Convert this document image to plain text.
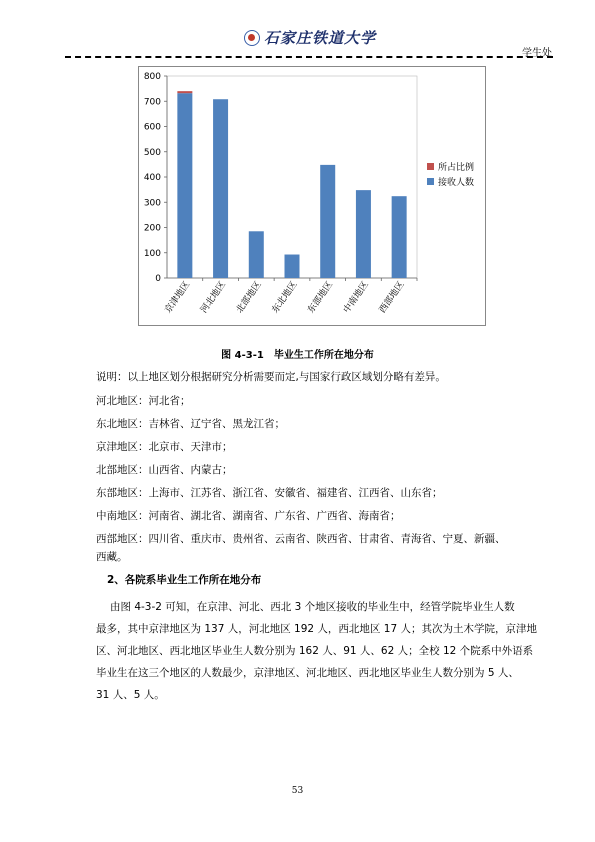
石家庄铁道大学
学生处
0
100
200
300
400
500
600
700
800
京津地区 河北地区 北部地区 东北地区 东部地区 中南地区 西部地区
所占比例
接收人数
图 4-3-1　毕业生工作所在地分布
说明：以上地区划分根据研究分析需要而定,与国家行政区域划分略有差异。
河北地区：河北省；
东北地区：吉林省、辽宁省、黑龙江省；
京津地区：北京市、天津市；
北部地区：山西省、内蒙古；
东部地区：上海市、江苏省、浙江省、安徽省、福建省、江西省、山东省；
中南地区：河南省、湖北省、湖南省、广东省、广西省、海南省；
西部地区：四川省、重庆市、贵州省、云南省、陕西省、甘肃省、青海省、宁夏、新疆、
西藏。
2、各院系毕业生工作所在地分布
由图 4-3-2 可知，在京津、河北、西北 3 个地区接收的毕业生中，经管学院毕业生人数
最多，其中京津地区为 137 人，河北地区 192 人，西北地区 17 人；其次为土木学院，京津地
区、河北地区、西北地区毕业生人数分别为 162 人、91 人、62 人；全校 12 个院系中外语系
毕业生在这三个地区的人数最少，京津地区、河北地区、西北地区毕业生人数分别为 5 人、
31 人、5 人。
53
